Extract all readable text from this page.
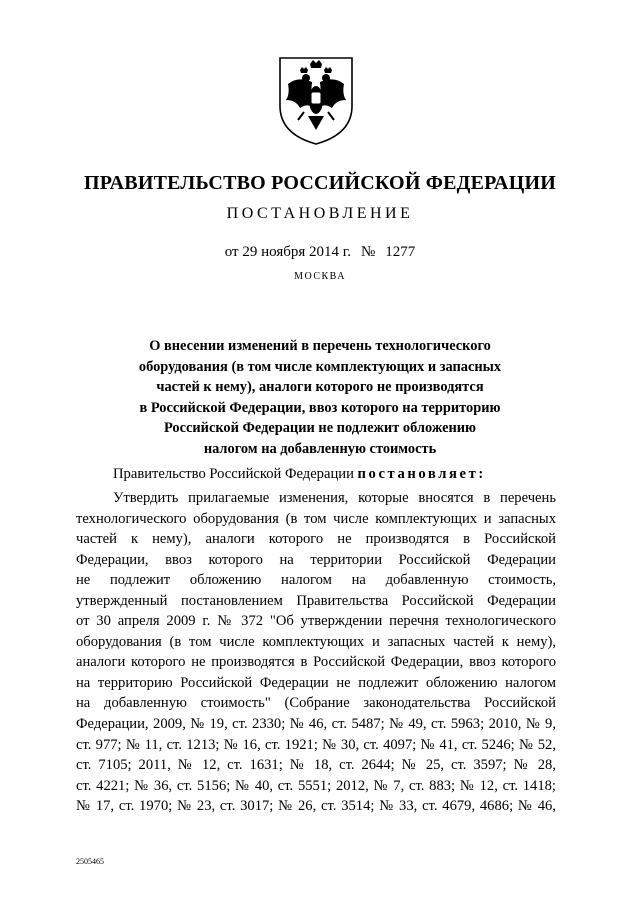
ПРАВИТЕЛЬСТВО РОССИЙСКОЙ ФЕДЕРАЦИИ
ПОСТАНОВЛЕНИЕ
от 29 ноября 2014 г. № 1277
МОСКВА
О внесении изменений в перечень технологического
оборудования (в том числе комплектующих и запасных
частей к нему), аналоги которого не производятся
в Российской Федерации, ввоз которого на территорию
Российской Федерации не подлежит обложению
налогом на добавленную стоимость
Правительство Российской Федерации постановляет:
Утвердить прилагаемые изменения, которые вносятся в перечень
технологического оборудования (в том числе комплектующих и запасных
частей к нему), аналоги которого не производятся в Российской
Федерации, ввоз которого на территории Российской Федерации
не подлежит обложению налогом на добавленную стоимость,
утвержденный постановлением Правительства Российской Федерации
от 30 апреля 2009 г. № 372 "Об утверждении перечня технологического
оборудования (в том числе комплектующих и запасных частей к нему),
аналоги которого не производятся в Российской Федерации, ввоз которого
на территорию Российской Федерации не подлежит обложению налогом
на добавленную стоимость" (Собрание законодательства Российской
Федерации, 2009, № 19, ст. 2330; № 46, ст. 5487; № 49, ст. 5963; 2010, № 9,
ст. 977; № 11, ст. 1213; № 16, ст. 1921; № 30, ст. 4097; № 41, ст. 5246; № 52,
ст. 7105; 2011, № 12, ст. 1631; № 18, ст. 2644; № 25, ст. 3597; № 28,
ст. 4221; № 36, ст. 5156; № 40, ст. 5551; 2012, № 7, ст. 883; № 12, ст. 1418;
№ 17, ст. 1970; № 23, ст. 3017; № 26, ст. 3514; № 33, ст. 4679, 4686; № 46,
2505465
